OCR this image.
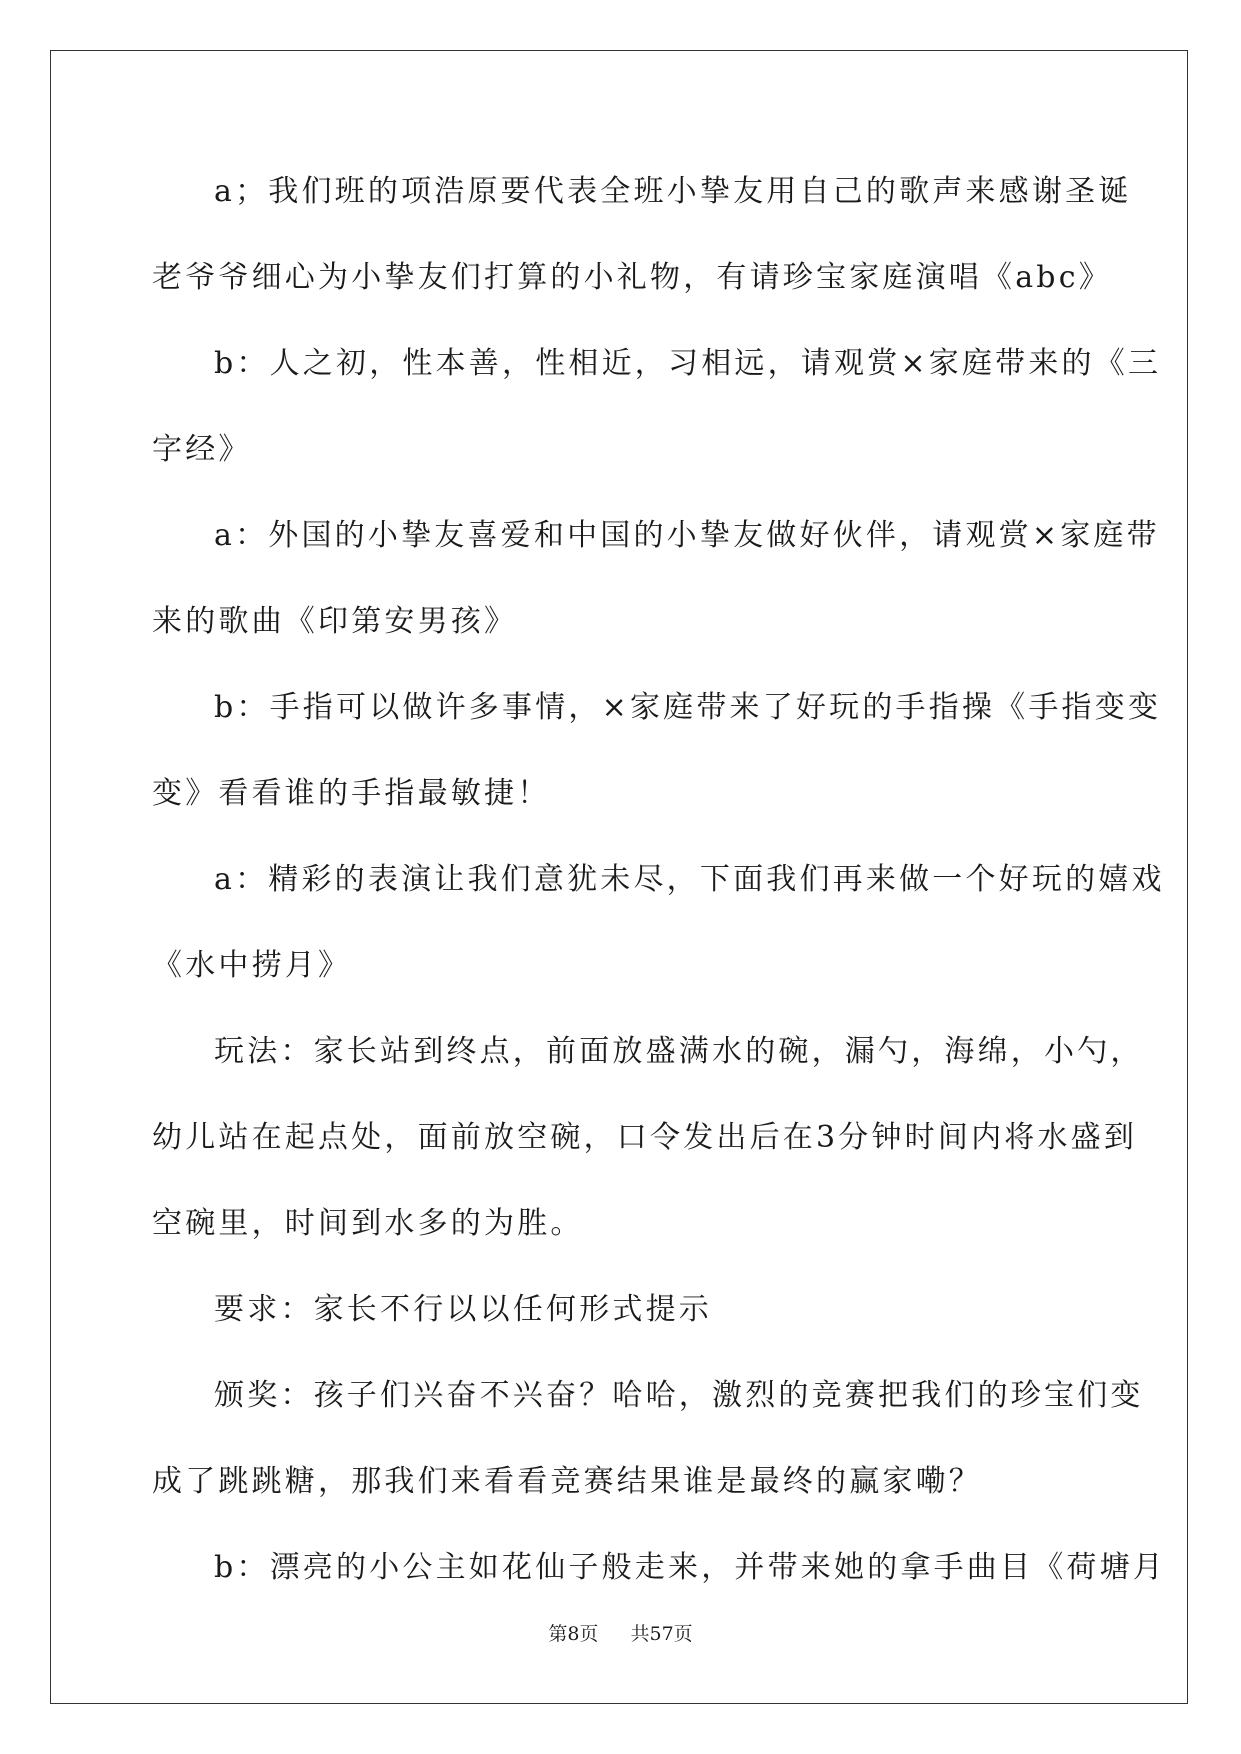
a；我们班的项浩原要代表全班小挚友用自己的歌声来感谢圣诞
老爷爷细心为小挚友们打算的小礼物，有请珍宝家庭演唱《abc》
b：人之初，性本善，性相近，习相远，请观赏×家庭带来的《三
字经》
a：外国的小挚友喜爱和中国的小挚友做好伙伴，请观赏×家庭带
来的歌曲《印第安男孩》
b：手指可以做许多事情，×家庭带来了好玩的手指操《手指变变
变》看看谁的手指最敏捷！
a：精彩的表演让我们意犹未尽，下面我们再来做一个好玩的嬉戏
《水中捞月》
玩法：家长站到终点，前面放盛满水的碗，漏勺，海绵，小勺，
幼儿站在起点处，面前放空碗，口令发出后在3分钟时间内将水盛到
空碗里，时间到水多的为胜。
要求：家长不行以以任何形式提示
颁奖：孩子们兴奋不兴奋？哈哈，激烈的竞赛把我们的珍宝们变
成了跳跳糖，那我们来看看竞赛结果谁是最终的赢家嘞？
b：漂亮的小公主如花仙子般走来，并带来她的拿手曲目《荷塘月
第8页 共57页
